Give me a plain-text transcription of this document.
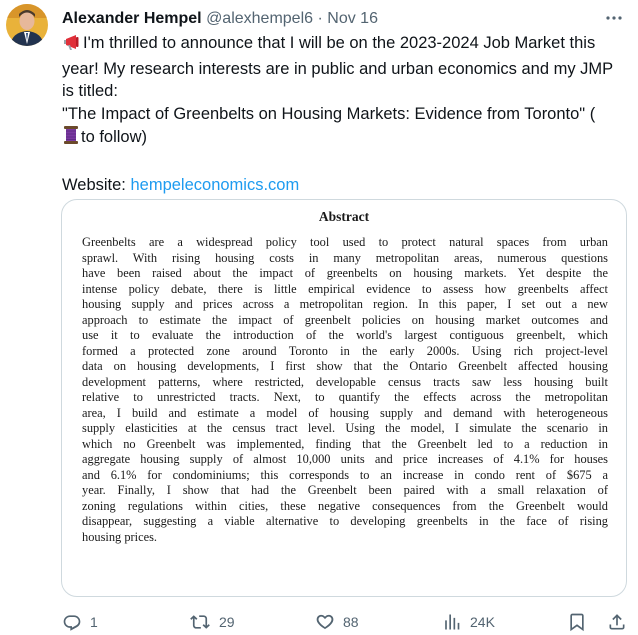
Alexander Hempel @alexhempel6 · Nov 16
I'm thrilled to announce that I will be on the 2023-2024 Job Market this
year! My research interests are in public and urban economics and my JMP
is titled:
"The Impact of Greenbelts on Housing Markets: Evidence from Toronto" (
to follow)

Website: hempeleconomics.com
Abstract
Greenbelts are a widespread policy tool used to protect natural spaces from urban
sprawl. With rising housing costs in many metropolitan areas, numerous questions
have been raised about the impact of greenbelts on housing markets. Yet despite the
intense policy debate, there is little empirical evidence to assess how greenbelts affect
housing supply and prices across a metropolitan region. In this paper, I set out a new
approach to estimate the impact of greenbelt policies on housing market outcomes and
use it to evaluate the introduction of the world's largest contiguous greenbelt, which
formed a protected zone around Toronto in the early 2000s. Using rich project-level
data on housing developments, I first show that the Ontario Greenbelt affected housing
development patterns, where restricted, developable census tracts saw less housing built
relative to unrestricted tracts. Next, to quantify the effects across the metropolitan
area, I build and estimate a model of housing supply and demand with heterogeneous
supply elasticities at the census tract level. Using the model, I simulate the scenario in
which no Greenbelt was implemented, finding that the Greenbelt led to a reduction in
aggregate housing supply of almost 10,000 units and price increases of 4.1% for houses
and 6.1% for condominiums; this corresponds to an increase in condo rent of $675 a
year. Finally, I show that had the Greenbelt been paired with a small relaxation of
zoning regulations within cities, these negative consequences from the Greenbelt would
disappear, suggesting a viable alternative to developing greenbelts in the face of rising
housing prices.
1	29	88	24K
